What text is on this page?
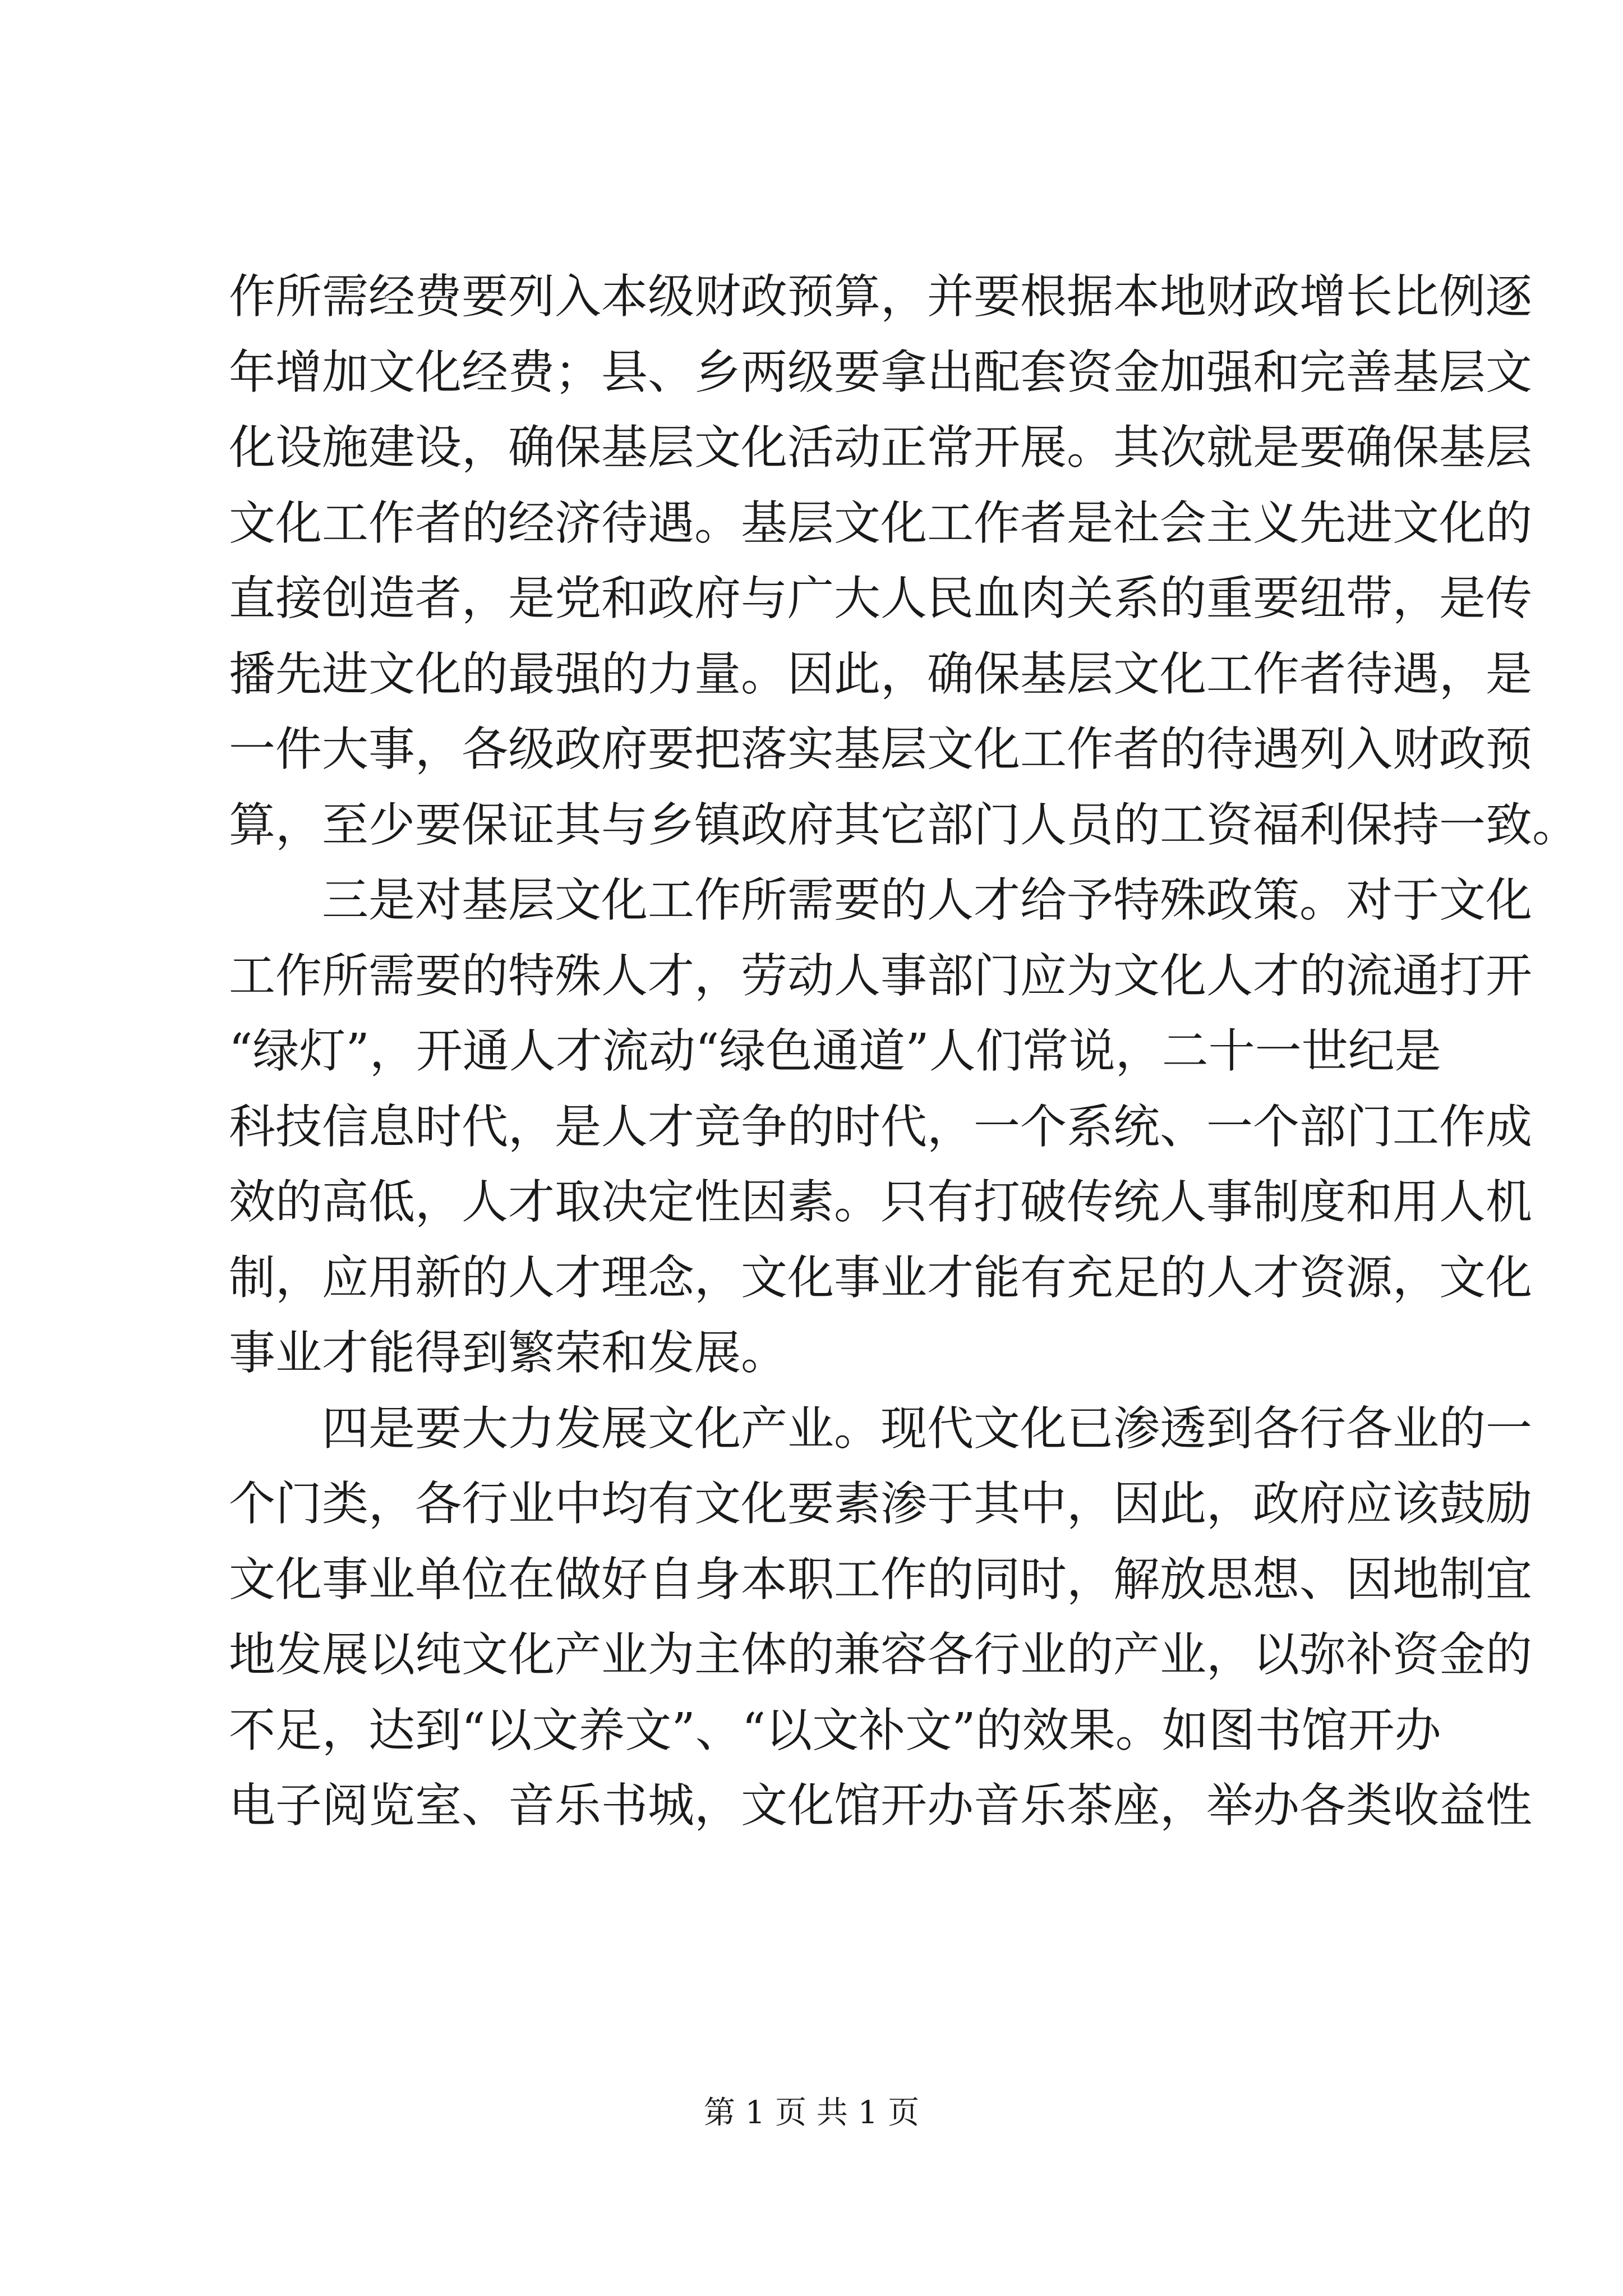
作所需经费要列入本级财政预算，并要根据本地财政增长比例逐
年增加文化经费；县、乡两级要拿出配套资金加强和完善基层文
化设施建设，确保基层文化活动正常开展。其次就是要确保基层
文化工作者的经济待遇。基层文化工作者是社会主义先进文化的
直接创造者，是党和政府与广大人民血肉关系的重要纽带，是传
播先进文化的最强的力量。因此，确保基层文化工作者待遇，是
一件大事，各级政府要把落实基层文化工作者的待遇列入财政预
算，至少要保证其与乡镇政府其它部门人员的工资福利保持一致。
三是对基层文化工作所需要的人才给予特殊政策。对于文化
工作所需要的特殊人才，劳动人事部门应为文化人才的流通打开
“绿灯”，开通人才流动“绿色通道”人们常说，二十一世纪是
科技信息时代，是人才竞争的时代，一个系统、一个部门工作成
效的高低，人才取决定性因素。只有打破传统人事制度和用人机
制，应用新的人才理念，文化事业才能有充足的人才资源，文化
事业才能得到繁荣和发展。
四是要大力发展文化产业。现代文化已渗透到各行各业的一
个门类，各行业中均有文化要素渗于其中，因此，政府应该鼓励
文化事业单位在做好自身本职工作的同时，解放思想、因地制宜
地发展以纯文化产业为主体的兼容各行业的产业，以弥补资金的
不足，达到“以文养文”、“以文补文”的效果。如图书馆开办
电子阅览室、音乐书城，文化馆开办音乐茶座，举办各类收益性
第 1 页 共 1 页
